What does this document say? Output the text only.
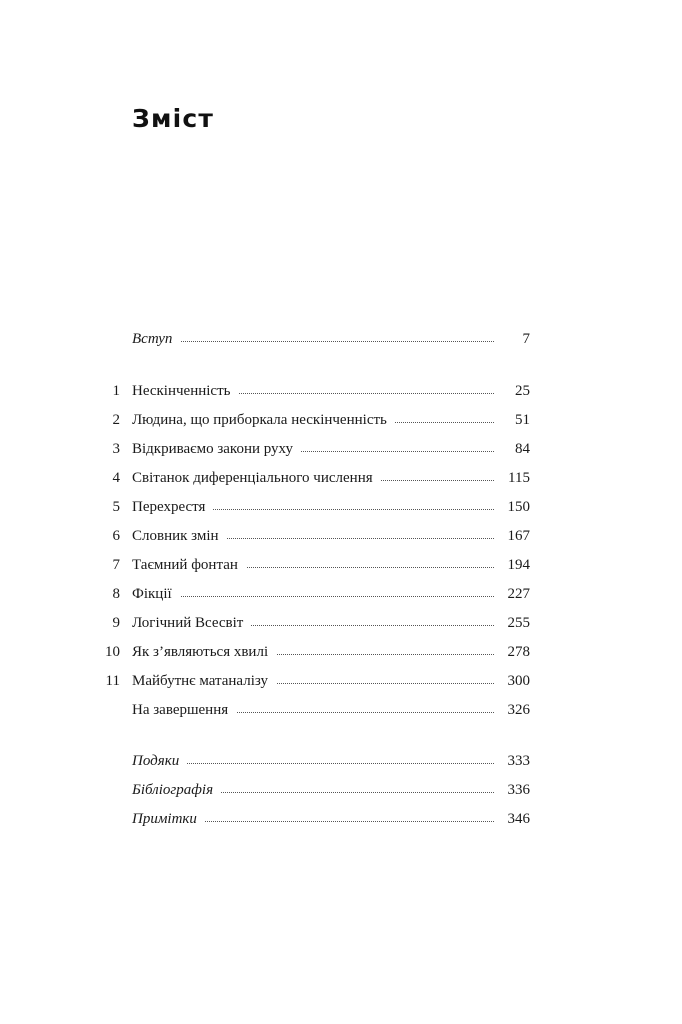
Зміст
Вступ	7
1 Нескінченність	25
2 Людина, що приборкала нескінченність	51
3 Відкриваємо закони руху	84
4 Світанок диференціального числення	115
5 Перехрестя	150
6 Словник змін	167
7 Таємний фонтан	194
8 Фікції	227
9 Логічний Всесвіт	255
10 Як з’являються хвилі	278
11 Майбутнє матаналізу	300
На завершення	326
Подяки	333
Бібліографія	336
Примітки	346
